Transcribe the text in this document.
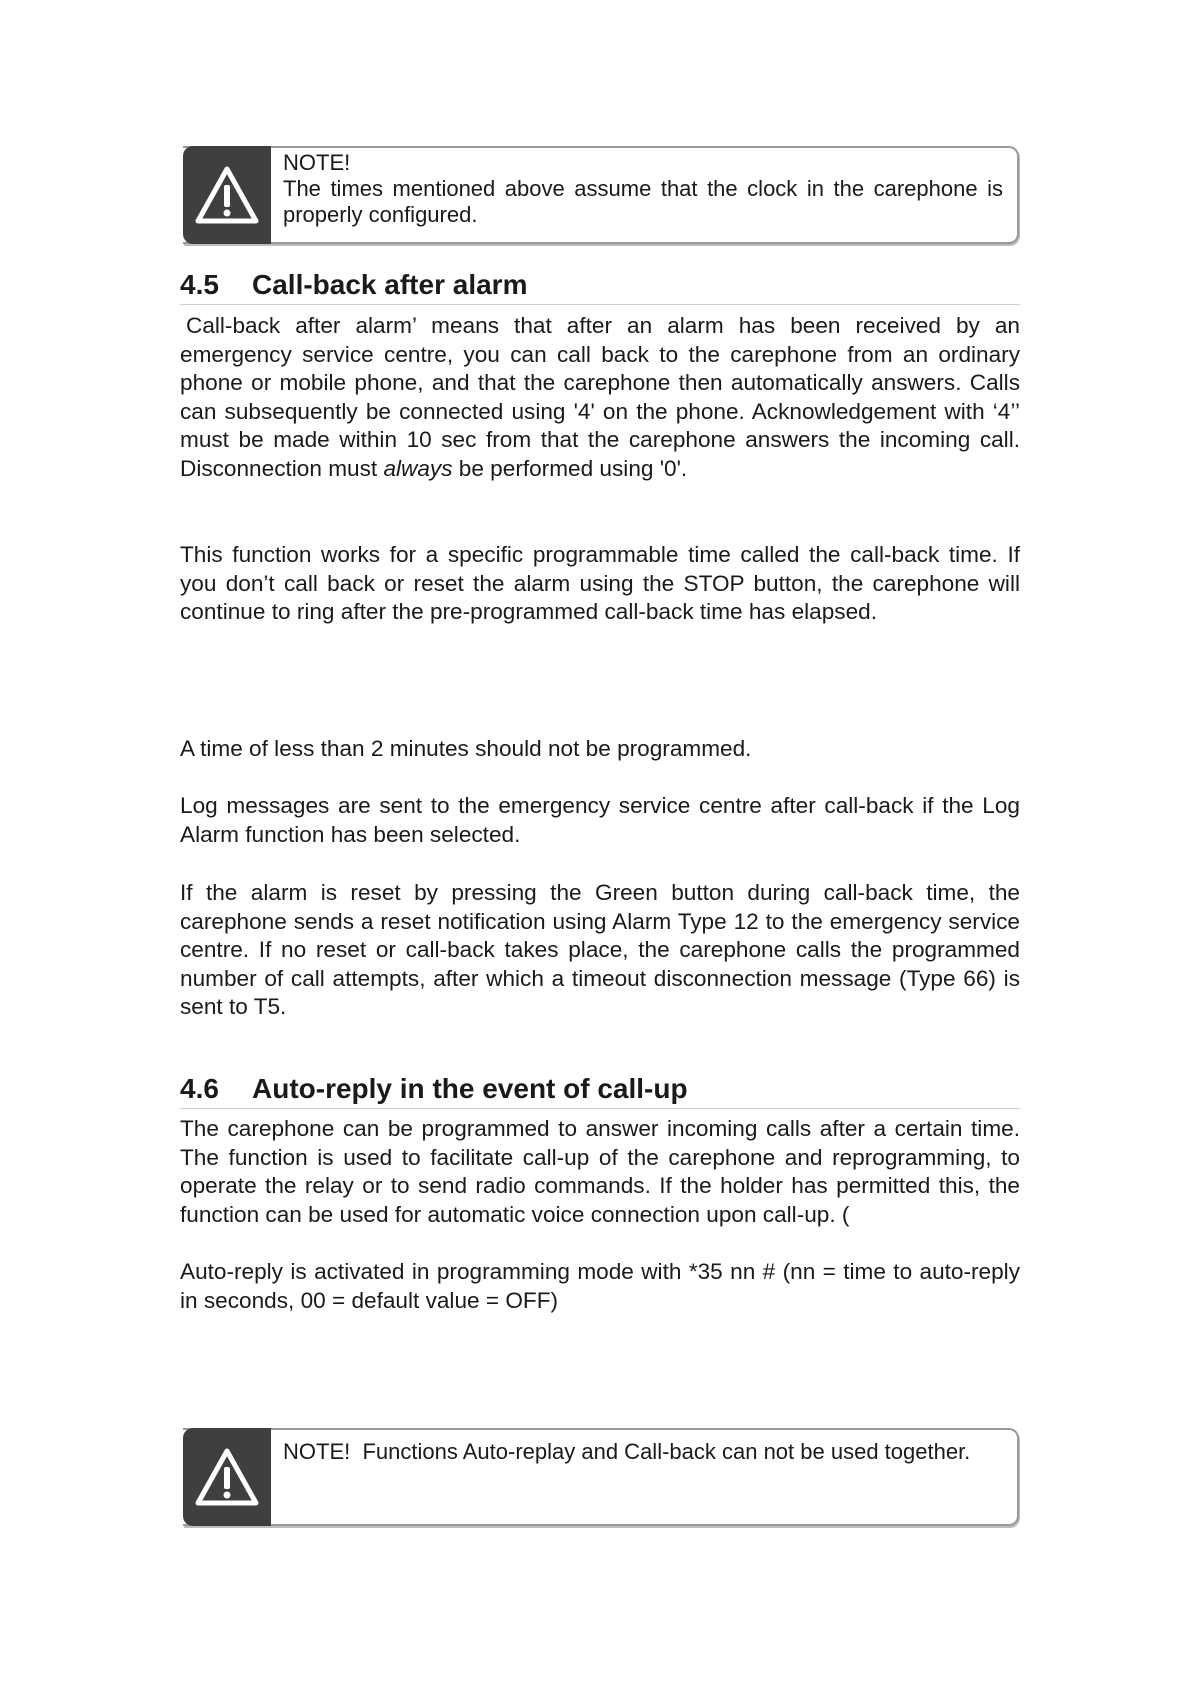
NOTE!
The times mentioned above assume that the clock in the carephone is properly configured.
4.5 Call-back after alarm

Call-back after alarm’ means that after an alarm has been received by an emergency service centre, you can call back to the carephone from an ordinary phone or mobile phone, and that the carephone then automatically answers. Calls can subsequently be connected using '4' on the phone. Acknowledgement with ‘4’’ must be made within 10 sec from that the carephone answers the incoming call. Disconnection must always be performed using '0'.

This function works for a specific programmable time called the call-back time. If you don’t call back or reset the alarm using the STOP button, the carephone will continue to ring after the pre-programmed call-back time has elapsed.

A time of less than 2 minutes should not be programmed.

Log messages are sent to the emergency service centre after call-back if the Log Alarm function has been selected.

If the alarm is reset by pressing the Green button during call-back time, the carephone sends a reset notification using Alarm Type 12 to the emergency service centre. If no reset or call-back takes place, the carephone calls the programmed number of call attempts, after which a timeout disconnection message (Type 66) is sent to T5.

4.6 Auto-reply in the event of call-up

The carephone can be programmed to answer incoming calls after a certain time. The function is used to facilitate call-up of the carephone and reprogramming, to operate the relay or to send radio commands. If the holder has permitted this, the function can be used for automatic voice connection upon call-up. (

Auto-reply is activated in programming mode with *35 nn # (nn = time to auto-reply in seconds, 00 = default value = OFF)

NOTE! Functions Auto-replay and Call-back can not be used together.
